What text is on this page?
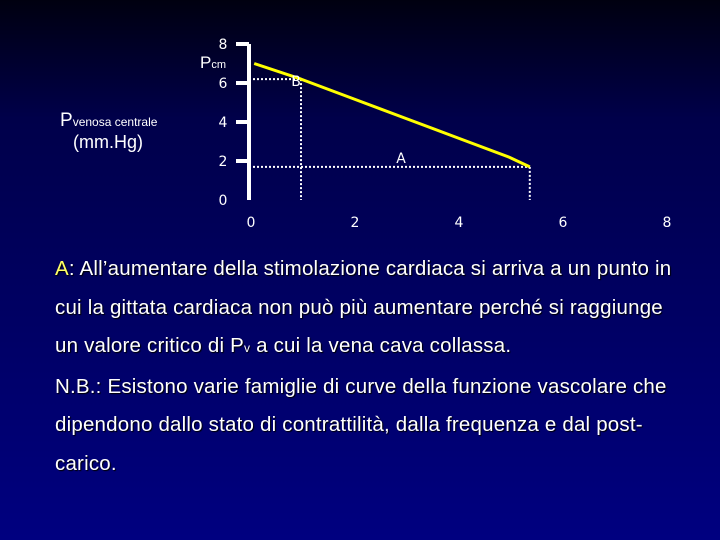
0
2
4
6
8
0	2	4	6	8
B
A
Pcm
Pvenosa centrale
(mm.Hg)

A: All’aumentare della stimolazione cardiaca si arriva a un punto in cui la gittata cardiaca non può più aumentare perché si raggiunge un valore critico di Pv a cui la vena cava collassa.

N.B.: Esistono varie famiglie di curve della funzione vascolare che dipendono dallo stato di contrattilità, dalla frequenza e dal post-carico.
